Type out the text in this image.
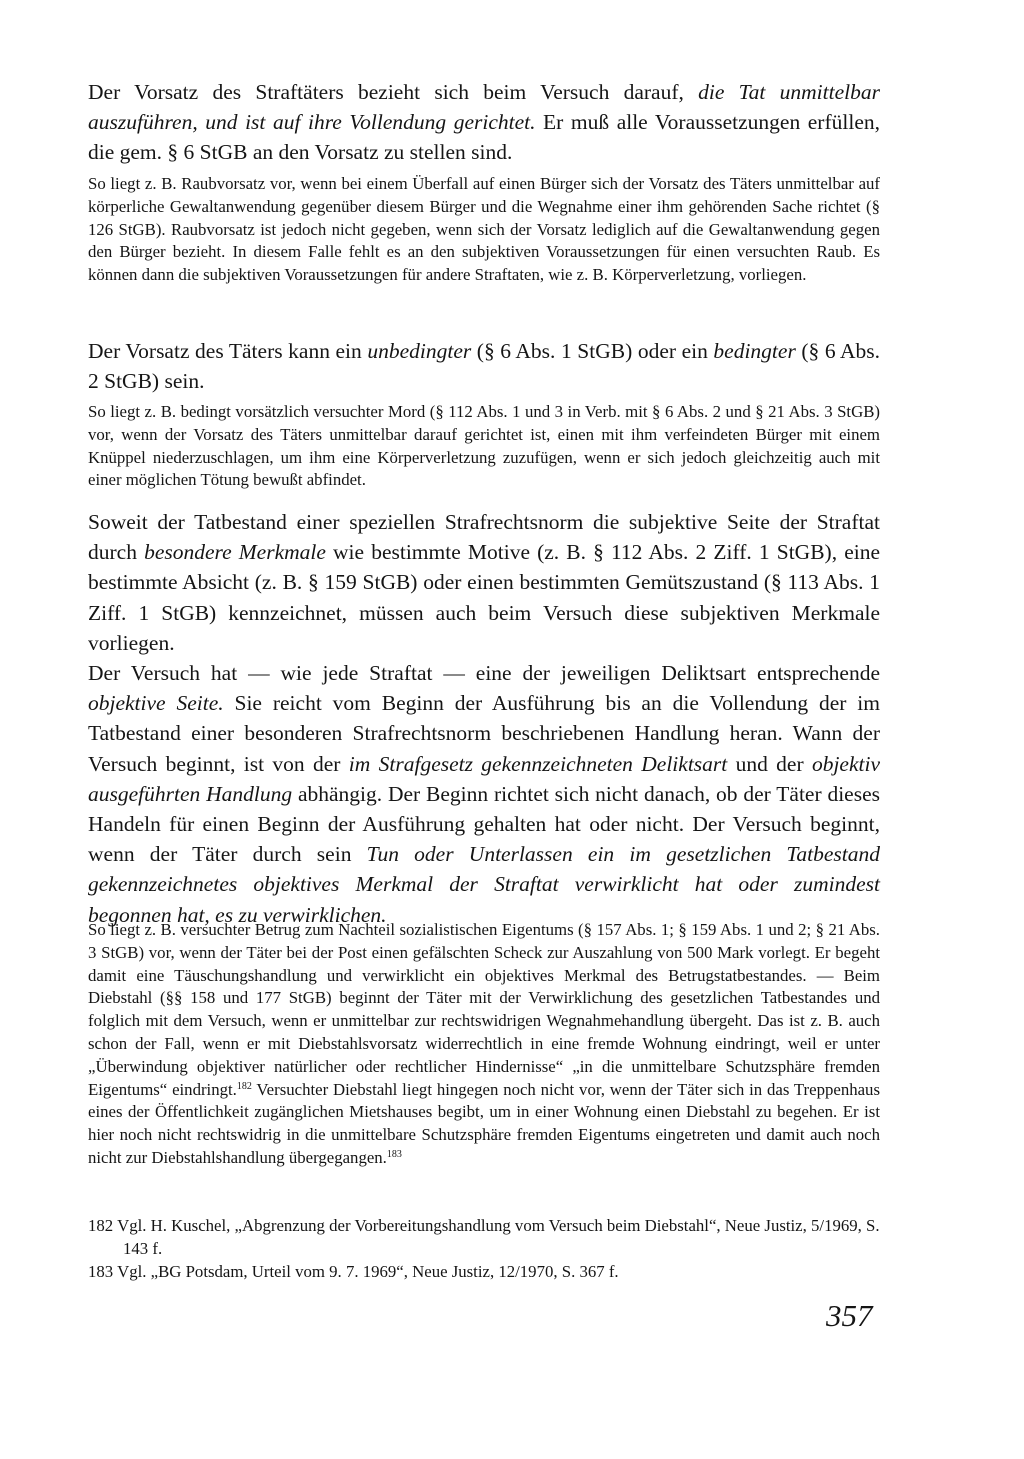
Der Vorsatz des Straftäters bezieht sich beim Versuch darauf, die Tat unmittelbar auszuführen, und ist auf ihre Vollendung gerichtet. Er muß alle Voraussetzungen erfüllen, die gem. § 6 StGB an den Vorsatz zu stellen sind.

So liegt z. B. Raubvorsatz vor, wenn bei einem Überfall auf einen Bürger sich der Vorsatz des Täters unmittelbar auf körperliche Gewaltanwendung gegenüber diesem Bürger und die Wegnahme einer ihm gehörenden Sache richtet (§ 126 StGB). Raubvorsatz ist jedoch nicht gegeben, wenn sich der Vorsatz lediglich auf die Gewaltanwendung gegen den Bürger bezieht. In diesem Falle fehlt es an den subjektiven Voraussetzungen für einen versuchten Raub. Es können dann die subjektiven Voraussetzungen für andere Straftaten, wie z. B. Körperverletzung, vorliegen.

Der Vorsatz des Täters kann ein unbedingter (§ 6 Abs. 1 StGB) oder ein bedingter (§ 6 Abs. 2 StGB) sein.

So liegt z. B. bedingt vorsätzlich versuchter Mord (§ 112 Abs. 1 und 3 in Verb. mit § 6 Abs. 2 und § 21 Abs. 3 StGB) vor, wenn der Vorsatz des Täters unmittelbar darauf gerichtet ist, einen mit ihm verfeindeten Bürger mit einem Knüppel niederzuschlagen, um ihm eine Körperverletzung zuzufügen, wenn er sich jedoch gleichzeitig auch mit einer möglichen Tötung bewußt abfindet.

Soweit der Tatbestand einer speziellen Strafrechtsnorm die subjektive Seite der Straftat durch besondere Merkmale wie bestimmte Motive (z. B. § 112 Abs. 2 Ziff. 1 StGB), eine bestimmte Absicht (z. B. § 159 StGB) oder einen bestimmten Gemütszustand (§ 113 Abs. 1 Ziff. 1 StGB) kennzeichnet, müssen auch beim Versuch diese subjektiven Merkmale vorliegen.

Der Versuch hat — wie jede Straftat — eine der jeweiligen Deliktsart entsprechende objektive Seite. Sie reicht vom Beginn der Ausführung bis an die Vollendung der im Tatbestand einer besonderen Strafrechtsnorm beschriebenen Handlung heran. Wann der Versuch beginnt, ist von der im Strafgesetz gekennzeichneten Deliktsart und der objektiv ausgeführten Handlung abhängig. Der Beginn richtet sich nicht danach, ob der Täter dieses Handeln für einen Beginn der Ausführung gehalten hat oder nicht. Der Versuch beginnt, wenn der Täter durch sein Tun oder Unterlassen ein im gesetzlichen Tatbestand gekennzeichnetes objektives Merkmal der Straftat verwirklicht hat oder zumindest begonnen hat, es zu verwirklichen.

So liegt z. B. versuchter Betrug zum Nachteil sozialistischen Eigentums (§ 157 Abs. 1; § 159 Abs. 1 und 2; § 21 Abs. 3 StGB) vor, wenn der Täter bei der Post einen gefälschten Scheck zur Auszahlung von 500 Mark vorlegt. Er begeht damit eine Täuschungshandlung und verwirklicht ein objektives Merkmal des Betrugstatbestandes. — Beim Diebstahl (§§ 158 und 177 StGB) beginnt der Täter mit der Verwirklichung des gesetzlichen Tatbestandes und folglich mit dem Versuch, wenn er unmittelbar zur rechtswidrigen Wegnahmehandlung übergeht. Das ist z. B. auch schon der Fall, wenn er mit Diebstahlsvorsatz widerrechtlich in eine fremde Wohnung eindringt, weil er unter „Überwindung objektiver natürlicher oder rechtlicher Hindernisse“ „in die unmittelbare Schutzsphäre fremden Eigentums“ eindringt.$^{182}$ Versuchter Diebstahl liegt hingegen noch nicht vor, wenn der Täter sich in das Treppenhaus eines der Öffentlichkeit zugänglichen Mietshauses begibt, um in einer Wohnung einen Diebstahl zu begehen. Er ist hier noch nicht rechtswidrig in die unmittelbare Schutzsphäre fremden Eigentums eingetreten und damit auch noch nicht zur Diebstahlshandlung übergegangen.$^{183}$

182 Vgl. H. Kuschel, „Abgrenzung der Vorbereitungshandlung vom Versuch beim Diebstahl“, Neue Justiz, 5/1969, S. 143 f.

183 Vgl. „BG Potsdam, Urteil vom 9. 7. 1969“, Neue Justiz, 12/1970, S. 367 f.

357
